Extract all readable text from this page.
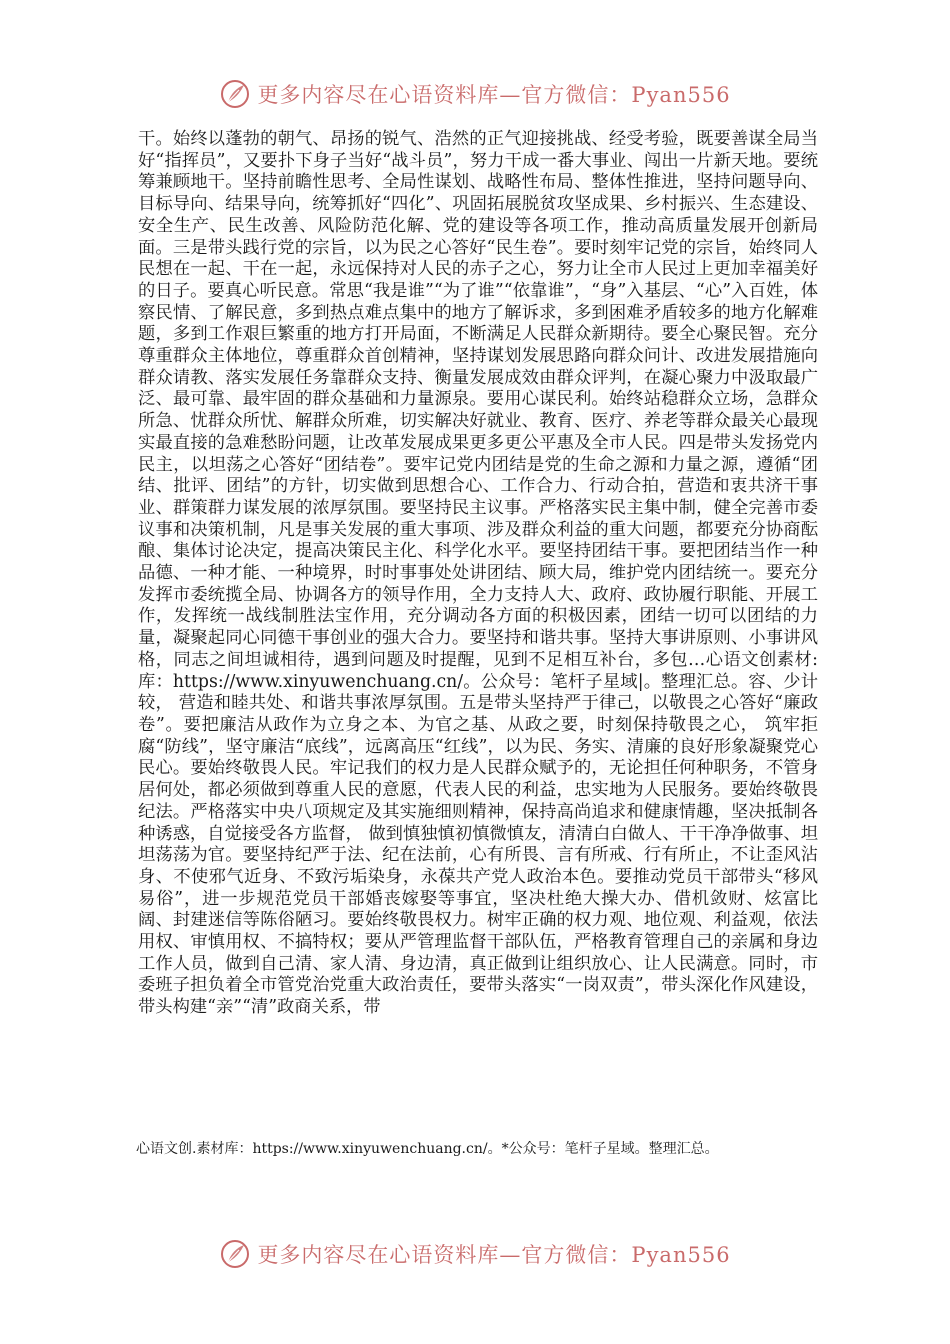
更多内容尽在心语资料库—官方微信：Pyan556

干。始终以蓬勃的朝气、昂扬的锐气、浩然的正气迎接挑战、经受考验，既要善谋全局当好“指挥员”，又要扑下身子当好“战斗员”，努力干成一番大事业、闯出一片新天地。要统筹兼顾地干。坚持前瞻性思考、全局性谋划、战略性布局、整体性推进，坚持问题导向、目标导向、结果导向，统筹抓好“四化”、巩固拓展脱贫攻坚成果、乡村振兴、生态建设、安全生产、民生改善、风险防范化解、党的建设等各项工作，推动高质量发展开创新局面。三是带头践行党的宗旨，以为民之心答好“民生卷”。要时刻牢记党的宗旨，始终同人民想在一起、干在一起，永远保持对人民的赤子之心，努力让全市人民过上更加幸福美好的日子。要真心听民意。常思“我是谁”“为了谁”“依靠谁”，“身”入基层、“心”入百姓，体察民情、了解民意，多到热点难点集中的地方了解诉求，多到困难矛盾较多的地方化解难题，多到工作艰巨繁重的地方打开局面，不断满足人民群众新期待。要全心聚民智。充分尊重群众主体地位，尊重群众首创精神，坚持谋划发展思路向群众问计、改进发展措施向群众请教、落实发展任务靠群众支持、衡量发展成效由群众评判，在凝心聚力中汲取最广泛、最可靠、最牢固的群众基础和力量源泉。要用心谋民利。始终站稳群众立场，急群众所急、忧群众所忧、解群众所难，切实解决好就业、教育、医疗、养老等群众最关心最现实最直接的急难愁盼问题，让改革发展成果更多更公平惠及全市人民。四是带头发扬党内民主，以坦荡之心答好“团结卷”。要牢记党内团结是党的生命之源和力量之源，遵循“团结、批评、团结”的方针，切实做到思想合心、工作合力、行动合拍，营造和衷共济干事业、群策群力谋发展的浓厚氛围。要坚持民主议事。严格落实民主集中制，健全完善市委议事和决策机制，凡是事关发展的重大事项、涉及群众利益的重大问题，都要充分协商酝酿、集体讨论决定，提高决策民主化、科学化水平。要坚持团结干事。要把团结当作一种品德、一种才能、一种境界，时时事事处处讲团结、顾大局，维护党内团结统一。要充分发挥市委统揽全局、协调各方的领导作用，全力支持人大、政府、政协履行职能、开展工作，发挥统一战线制胜法宝作用，充分调动各方面的积极因素，团结一切可以团结的力量，凝聚起同心同德干事创业的强大合力。要坚持和谐共事。坚持大事讲原则、小事讲风格，同志之间坦诚相待，遇到问题及时提醒，见到不足相互补台，多包…心语文创素材:库：https://www.xinyuwenchuang.cn/。公众号：笔杆子星域|。整理汇总。容、少计较， 营造和睦共处、和谐共事浓厚氛围。五是带头坚持严于律己，以敬畏之心答好“廉政卷”。要把廉洁从政作为立身之本、为官之基、从政之要，时刻保持敬畏之心， 筑牢拒腐“防线”，坚守廉洁“底线”，远离高压“红线”，以为民、务实、清廉的良好形象凝聚党心民心。要始终敬畏人民。牢记我们的权力是人民群众赋予的，无论担任何种职务，不管身居何处，都必须做到尊重人民的意愿，代表人民的利益，忠实地为人民服务。要始终敬畏纪法。严格落实中央八项规定及其实施细则精神，保持高尚追求和健康情趣，坚决抵制各种诱惑，自觉接受各方监督， 做到慎独慎初慎微慎友，清清白白做人、干干净净做事、坦坦荡荡为官。要坚持纪严于法、纪在法前，心有所畏、言有所戒、行有所止，不让歪风沾身、不使邪气近身、不致污垢染身，永葆共产党人政治本色。要推动党员干部带头“移风易俗”，进一步规范党员干部婚丧嫁娶等事宜，坚决杜绝大操大办、借机敛财、炫富比阔、封建迷信等陈俗陋习。要始终敬畏权力。树牢正确的权力观、地位观、利益观，依法用权、审慎用权、不搞特权；要从严管理监督干部队伍，严格教育管理自己的亲属和身边工作人员，做到自己清、家人清、身边清，真正做到让组织放心、让人民满意。同时，市委班子担负着全市管党治党重大政治责任，要带头落实“一岗双责”，带头深化作风建设，带头构建“亲”“清”政商关系，带

心语文创.素材库：https://www.xinyuwenchuang.cn/。*公众号：笔杆子星域。整理汇总。
更多内容尽在心语资料库—官方微信：Pyan556
